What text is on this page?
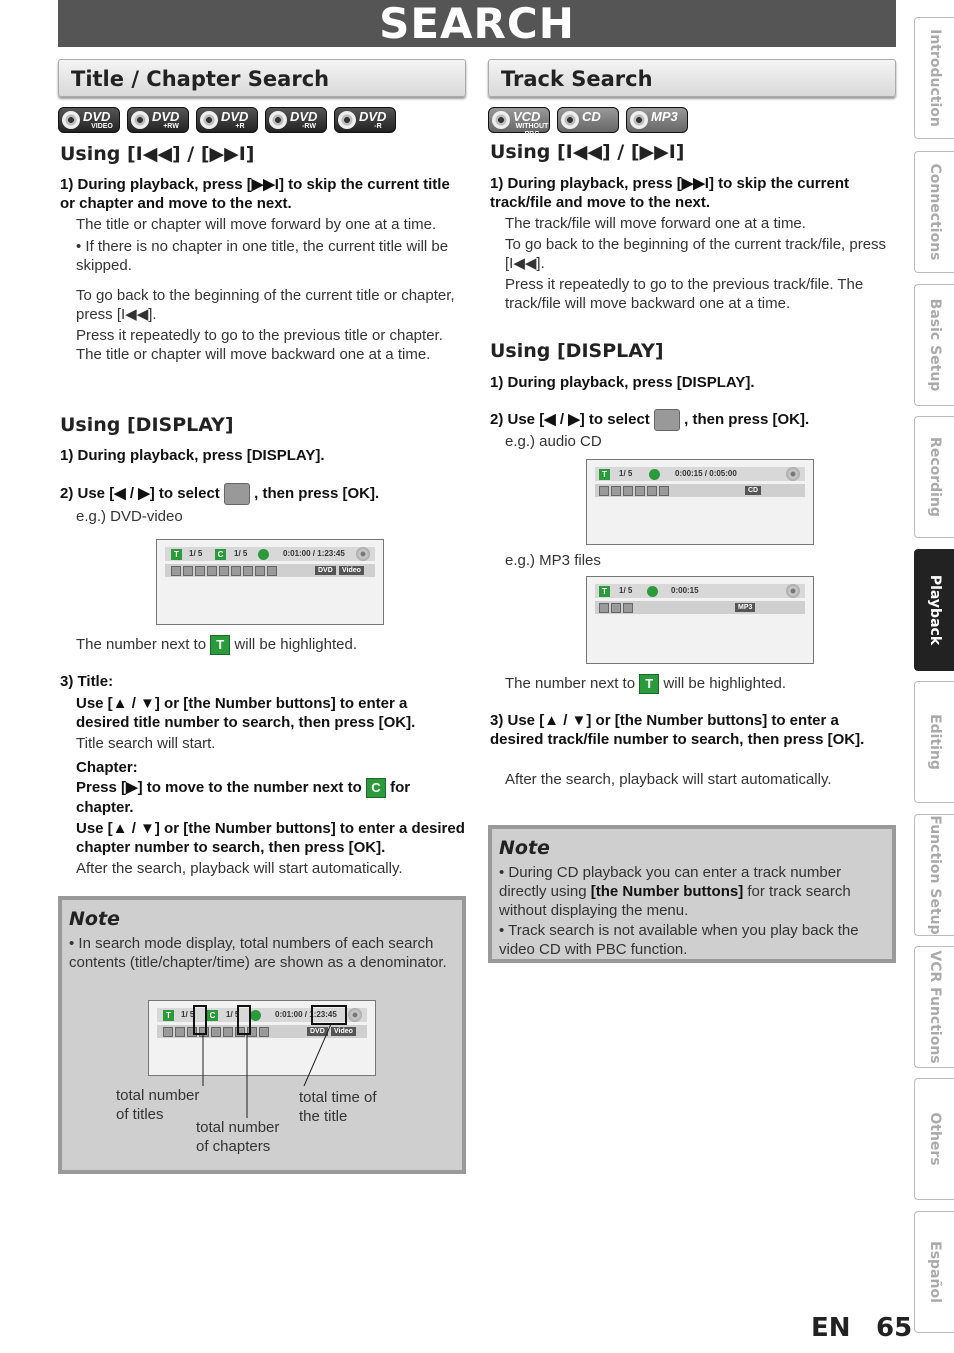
SEARCH
Title / Chapter Search
DVD
VIDEO
DVD
+RW
DVD
+R
DVD
-RW
DVD
-R
Using [I◀◀] / [▶▶I]
1) During playback, press [▶▶I] to skip the current title or chapter and move to the next.
The title or chapter will move forward by one at a time.
• If there is no chapter in one title, the current title will be skipped.
To go back to the beginning of the current title or chapter, press [I◀◀].
Press it repeatedly to go to the previous title or chapter. The title or chapter will move backward one at a time.
Using [DISPLAY]
1) During playback, press [DISPLAY].
2) Use [◀ / ▶] to select , then press [OK].
e.g.) DVD-video
T	1/ 5	C	1/ 5	0:01:00 / 1:23:45
DVD	Video
The number next to T will be highlighted.
3) Title:
Use [▲ / ▼] or [the Number buttons] to enter a desired title number to search, then press [OK].
Title search will start.
Chapter:
Press [▶] to move to the number next to C for chapter.
Use [▲ / ▼] or [the Number buttons] to enter a desired chapter number to search, then press [OK].
After the search, playback will start automatically.
Note
• In search mode display, total numbers of each search contents (title/chapter/time) are shown as a denominator.
T	1/ 5	C	1/ 5	0:01:00 / 1:23:45
DVD	Video
total number of titles
total number of chapters
total time of the title
Track Search
VCD
WITHOUT PBC
CD	MP3
Using [I◀◀] / [▶▶I]
1) During playback, press [▶▶I] to skip the current track/file and move to the next.
The track/file will move forward one at a time.
To go back to the beginning of the current track/file, press [I◀◀].
Press it repeatedly to go to the previous track/file. The track/file will move backward one at a time.
Using [DISPLAY]
1) During playback, press [DISPLAY].
2) Use [◀ / ▶] to select , then press [OK].
e.g.) audio CD
T	1/ 5	0:00:15 / 0:05:00
CD
e.g.) MP3 files
T	1/ 5	0:00:15
MP3
The number next to T will be highlighted.
3) Use [▲ / ▼] or [the Number buttons] to enter a desired track/file number to search, then press [OK].
After the search, playback will start automatically.
Note
• During CD playback you can enter a track number directly using [the Number buttons] for track search without displaying the menu.
• Track search is not available when you play back the video CD with PBC function.
Introduction
Connections
Basic Setup
Recording
Playback
Editing
Function Setup
VCR Functions
Others
Español
EN 65
